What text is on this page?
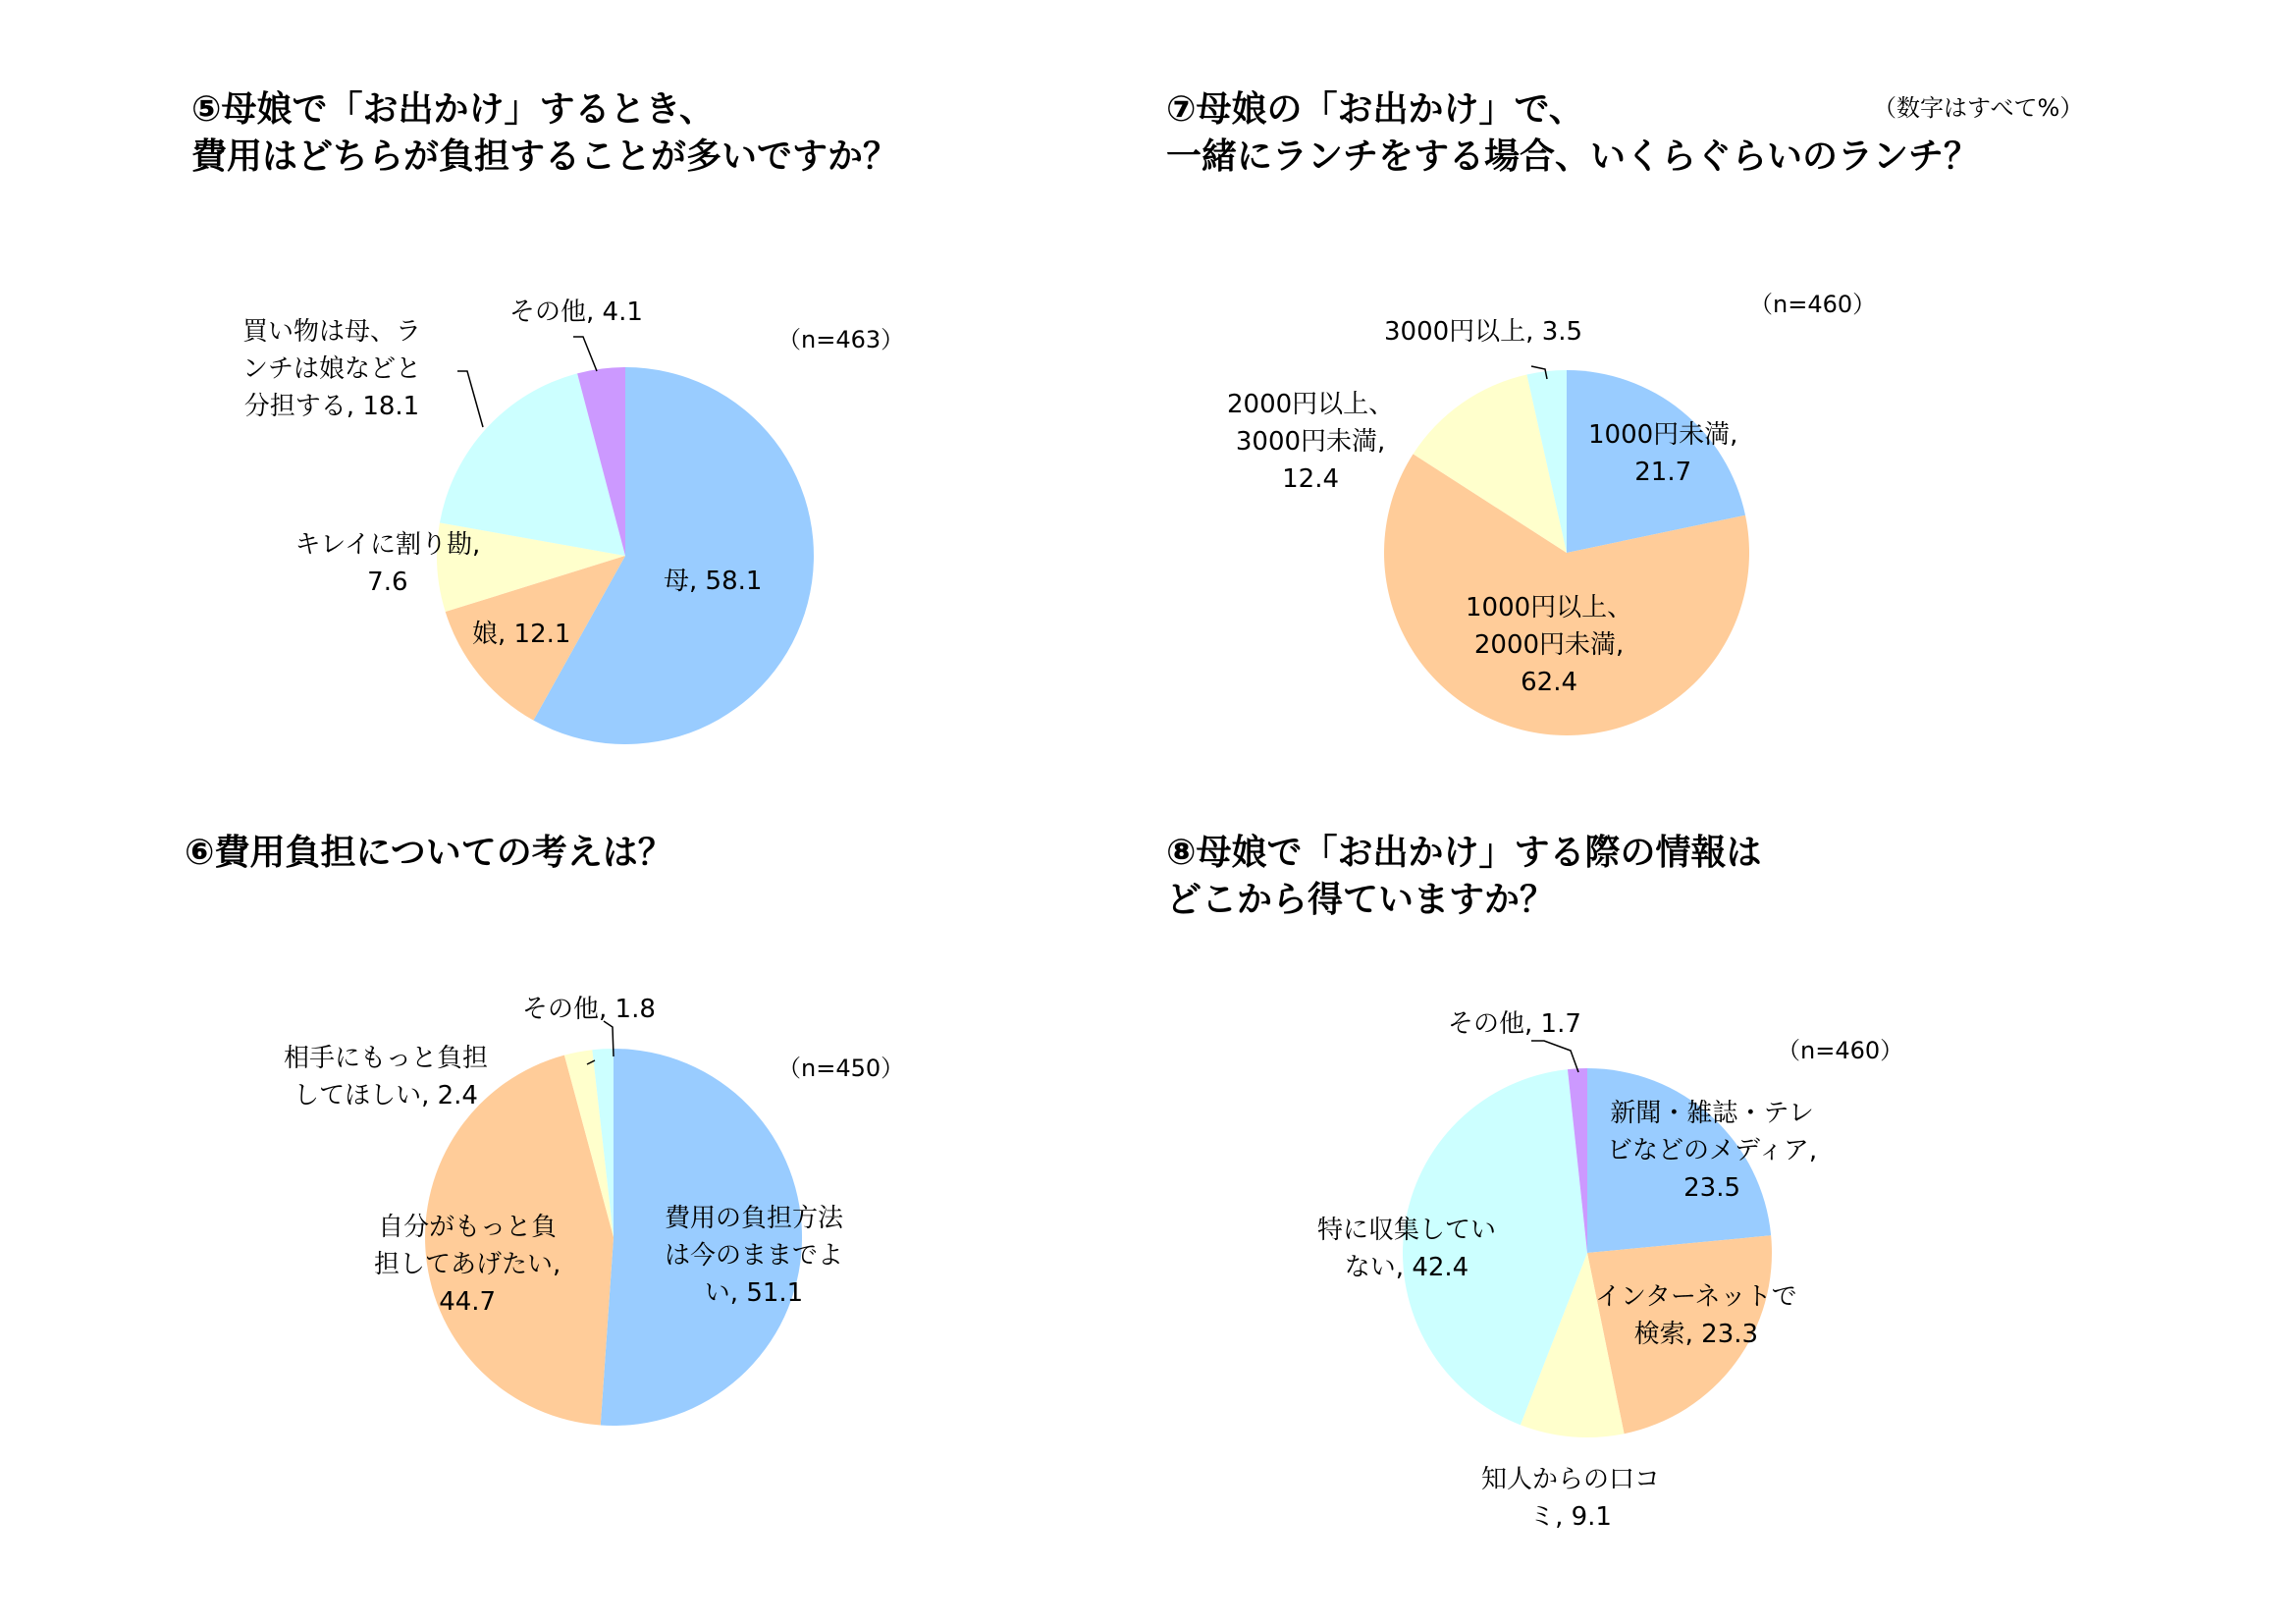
⑤母娘で「お出かけ」するとき、
費用はどちらが負担することが多いですか？
（n=463）
⑥費用負担についての考えは？
（n=450）
⑦母娘の「お出かけ」で、
一緒にランチをする場合、いくらぐらいのランチ？
（数字はすべて%）
（n=460）
⑧母娘で「お出かけ」する際の情報は
どこから得ていますか？
（n=460）
母, 58.1
娘, 12.1
キレイに割り勘,
7.6
買い物は母、ラ
ンチは娘などと
分担する, 18.1
その他, 4.1
費用の負担方法
は今のままでよ
い, 51.1
自分がもっと負
担してあげたい,
44.7
相手にもっと負担
してほしい, 2.4
その他, 1.8
1000円未満,
21.7
1000円以上、
2000円未満,
62.4
2000円以上、
3000円未満,
12.4
3000円以上, 3.5
新聞・雑誌・テレ
ビなどのメディア,
23.5
インターネットで
検索, 23.3
知人からの口コ
ミ, 9.1
特に収集してい
ない, 42.4
その他, 1.7
